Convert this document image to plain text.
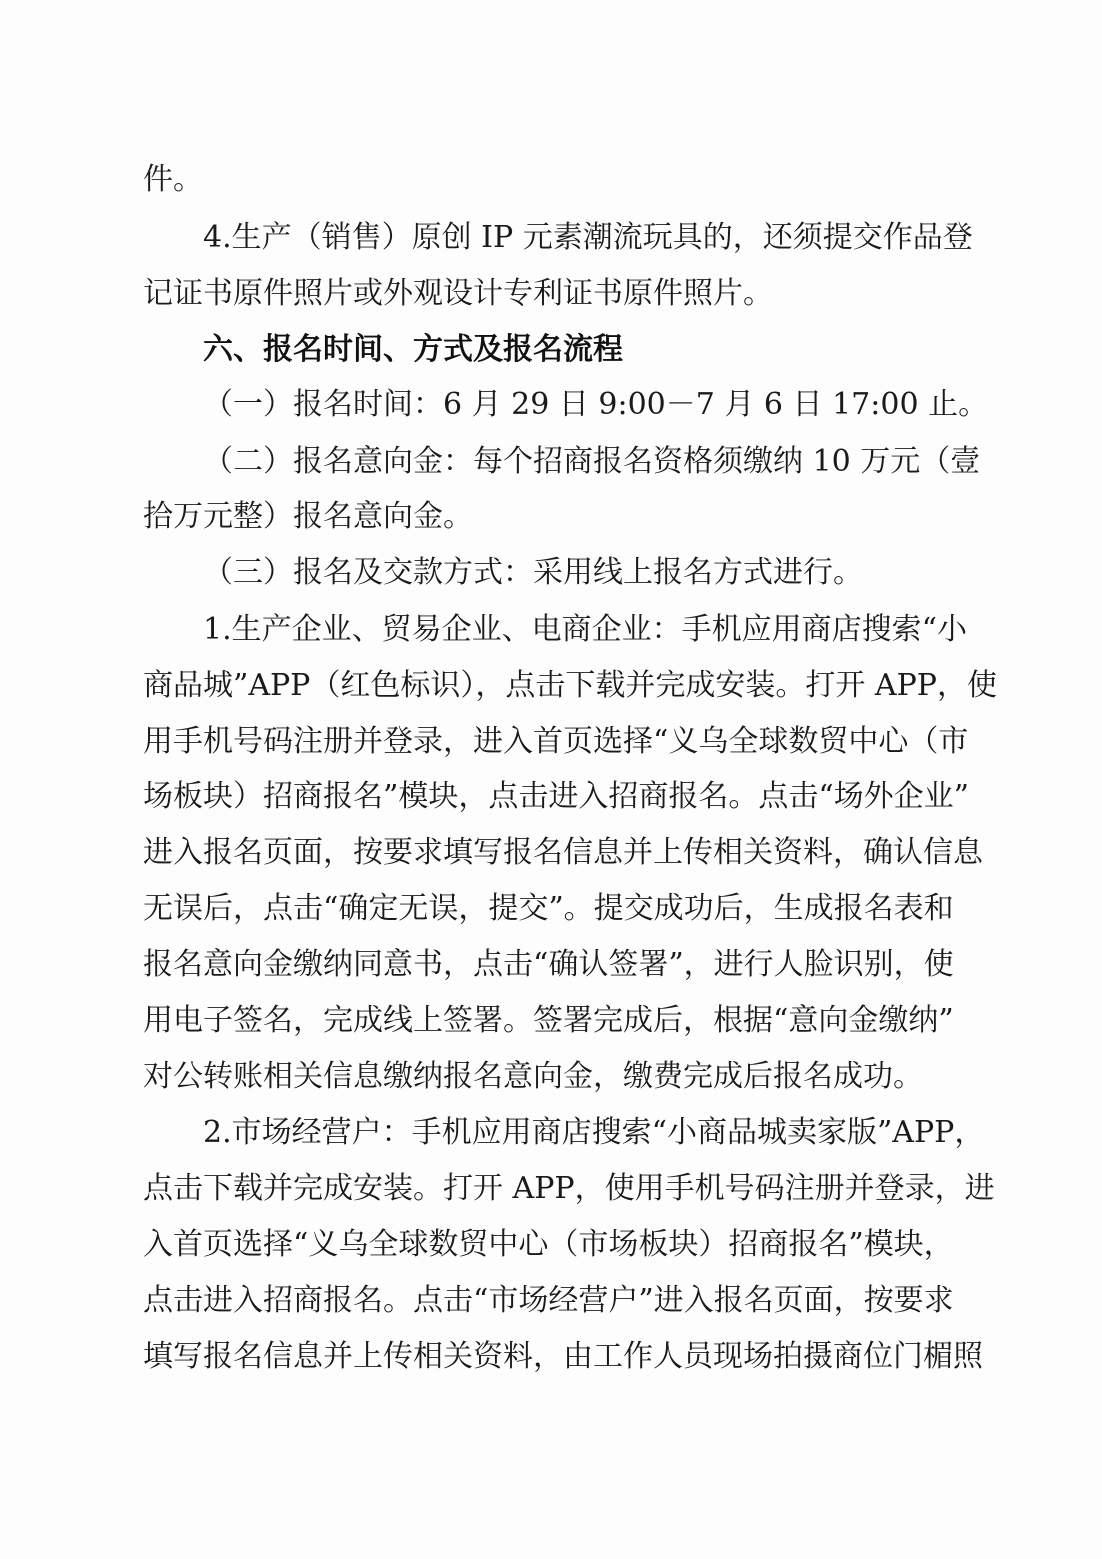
件。
4.生产（销售）原创 IP 元素潮流玩具的，还须提交作品登
记证书原件照片或外观设计专利证书原件照片。
六、报名时间、方式及报名流程
（一）报名时间：6 月 29 日 9:00－7 月 6 日 17:00 止。
（二）报名意向金：每个招商报名资格须缴纳 10 万元（壹
拾万元整）报名意向金。
（三）报名及交款方式：采用线上报名方式进行。
1.生产企业、贸易企业、电商企业：手机应用商店搜索“小
商品城”APP（红色标识），点击下载并完成安装。打开 APP，使
用手机号码注册并登录，进入首页选择“义乌全球数贸中心（市
场板块）招商报名”模块，点击进入招商报名。点击“场外企业”
进入报名页面，按要求填写报名信息并上传相关资料，确认信息
无误后，点击“确定无误，提交”。提交成功后，生成报名表和
报名意向金缴纳同意书，点击“确认签署”，进行人脸识别，使
用电子签名，完成线上签署。签署完成后，根据“意向金缴纳”
对公转账相关信息缴纳报名意向金，缴费完成后报名成功。
2.市场经营户：手机应用商店搜索“小商品城卖家版”APP，
点击下载并完成安装。打开 APP，使用手机号码注册并登录，进
入首页选择“义乌全球数贸中心（市场板块）招商报名”模块，
点击进入招商报名。点击“市场经营户”进入报名页面，按要求
填写报名信息并上传相关资料，由工作人员现场拍摄商位门楣照
